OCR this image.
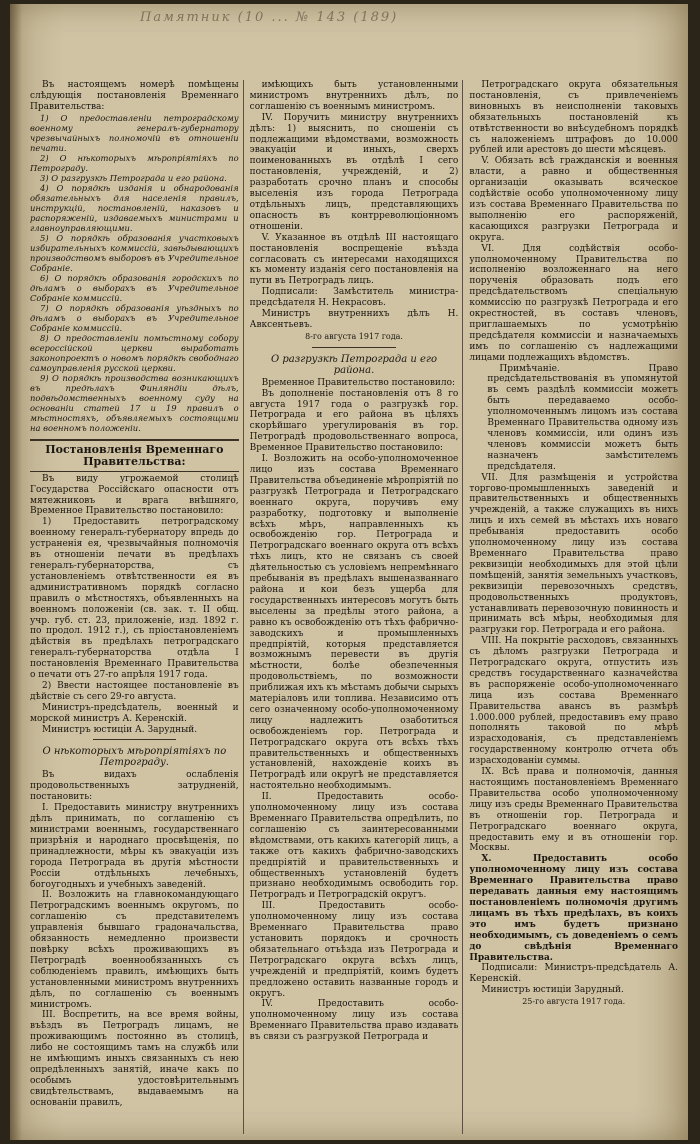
Памятник (10 ... № 143 (189)

Въ настоящемъ номерѣ помѣщены слѣдующія постановленія Временнаго Правительства:

1) О предоставленіи петроградскому военному генералъ-губернатору чрезвычайныхъ полномочій въ отношеніи печати.
2) О нѣкоторыхъ мѣропріятіяхъ по Петрограду.
3) О разгрузкѣ Петрограда и его района.
4) О порядкѣ изданія и обнародованія обязательныхъ для населенія правилъ, инструкцій, постановленій, наказовъ и распоряженій, издаваемыхъ министрами и главноуправляющими.
5) О порядкѣ образованія участковыхъ избирательныхъ коммиссій, завѣдывающихъ производствомъ выборовъ въ Учредительное Собраніе.
6) О порядкѣ образованія городскихъ по дѣламъ о выборахъ въ Учредительное Собраніе коммиссій.
7) О порядкѣ образованія уѣздныхъ по дѣламъ о выборахъ въ Учредительное Собраніе коммиссій.
8) О предоставленіи помѣстному собору всероссійской церкви выработать законопроектъ о новомъ порядкѣ свободнаго самоуправленія русской церкви.
9) О порядкѣ производства возникающихъ въ предѣлахъ Финляндіи дѣлъ, подвѣдомственныхъ военному суду на основаніи статей 17 и 19 правилъ о мѣстностяхъ, объявляемыхъ состоящими на военномъ положеніи.
Постановленія Временнаго Правительства:

Въ виду угрожаемой столицѣ Государства Россійскаго опасности отъ мятежниковъ и врага внѣшняго, Временное Правительство постановило:

1) Предоставить петроградскому военному генералъ-губернатору впредь до устраненія ея, чрезвычайныя полномочія въ отношеніи печати въ предѣлахъ генералъ-губернаторства, съ установленіемъ отвѣтственности ея въ административномъ порядкѣ согласно правилъ о мѣстностяхъ, объявленныхъ на военномъ положеніи (св. зак. т. II общ. учр. губ. ст. 23, приложеніе, изд. 1892 г. по продол. 1912 г.), съ пріостановленіемъ дѣйствія въ предѣлахъ петроградскаго генералъ-губернаторства отдѣла I постановленія Временнаго Правительства о печати отъ 27-го апрѣля 1917 года.

2) Ввести настоящее постановленіе въ дѣйствіе съ сего 29-го августа.

Министръ-предсѣдатель, военный и морской министръ А. Керенскій.

Министръ юстиціи А. Зарудный.

О нѣкоторыхъ мѣропріятіяхъ по Петрограду.

Въ видахъ ослабленія продовольственныхъ затрудненій, постановить:

I. Предоставить министру внутреннихъ дѣлъ принимать, по соглашенію съ министрами военнымъ, государственнаго призрѣнія и народнаго просвѣщенія, по принадлежности, мѣры къ эвакуаціи изъ города Петрограда въ другія мѣстности Россіи отдѣльныхъ лечебныхъ, богоугодныхъ и учебныхъ заведеній.

II. Возложить на главнокомандующаго Петроградскимъ военнымъ округомъ, по соглашенію съ представителемъ управленія бывшаго градоначальства, обязанность немедленно произвести повѣрку всѣхъ проживающихъ въ Петроградѣ военнообязанныхъ съ соблюденіемъ правилъ, имѣющихъ быть установленными министромъ внутреннихъ дѣлъ, по соглашенію съ военнымъ министромъ.

III. Воспретить, на все время войны, въѣздъ въ Петроградъ лицамъ, не проживающимъ постоянно въ столицѣ, либо не состоящимъ тамъ на службѣ или не имѣющимъ иныхъ связанныхъ съ нею опредѣленныхъ занятій, иначе какъ по особымъ удостовѣрительнымъ свидѣтельствамъ, выдаваемымъ на основаніи правилъ,

имѣющихъ быть установленными министромъ внутреннихъ дѣлъ, по соглашенію съ военнымъ министромъ.

IV. Поручить министру внутреннихъ дѣлъ: 1) выяснить, по сношеніи съ подлежащими вѣдомствами, возможность эвакуаціи и иныхъ, сверхъ поименованныхъ въ отдѣлѣ I сего постановленія, учрежденій, и 2) разработать срочно планъ и способы выселенія изъ города Петрограда отдѣльныхъ лицъ, представляющихъ опасность въ контрреволюціонномъ отношеніи.

V. Указанное въ отдѣлѣ III настоящаго постановленія воспрещеніе въѣзда согласовать съ интересами находящихся къ моменту изданія сего постановленія на пути въ Петроградъ лицъ.

Подписали: Замѣститель министра-предсѣдателя Н. Некрасовъ.

Министръ внутреннихъ дѣлъ Н. Авксентьевъ.

8-го августа 1917 года.
О разгрузкѣ Петрограда и его района.

Временное Правительство постановило:

Въ дополненіе постановленія отъ 8 го августа 1917 года о разгрузкѣ гор. Петрограда и его района въ цѣляхъ скорѣйшаго урегулированія въ гор. Петроградѣ продовольственнаго вопроса, Временное Правительство постановило:

I. Возложить на особо-уполномоченное лицо изъ состава Временнаго Правительства объединеніе мѣропріятій по разгрузкѣ Петрограда и Петроградскаго военнаго округа, поручивъ ему разработку, подготовку и выполненіе всѣхъ мѣръ, направленныхъ къ освобожденію гор. Петрограда и Петроградскаго военнаго округа отъ всѣхъ тѣхъ лицъ, кто не связанъ съ своей дѣятельностью съ условіемъ непремѣннаго пребыванія въ предѣлахъ вышеназваннаго района и кои безъ ущерба для государственныхъ интересовъ могутъ быть выселены за предѣлы этого района, а равно къ освобожденію отъ тѣхъ фабрично-заводскихъ и промышленныхъ предпріятій, которыя представляется возможнымъ перевести въ другія мѣстности, болѣе обезпеченныя продовольствіемъ, по возможности приближая ихъ къ мѣстамъ добычи сырыхъ матеріаловъ или топлива. Независимо отъ сего означенному особо-уполномоченному лицу надлежитъ озаботиться освобожденіемъ гор. Петрограда и Петроградскаго округа отъ всѣхъ тѣхъ правительственныхъ и общественныхъ установленій, нахожденіе коихъ въ Петроградѣ или округѣ не представляется настоятельно необходимымъ.

II. Предоставить особо-уполномоченному лицу изъ состава Временнаго Правительства опредѣлить, по соглашенію съ заинтересованными вѣдомствами, отъ какихъ категорій лицъ, а также отъ какихъ фабрично-заводскихъ предпріятій и правительственныхъ и общественныхъ установленій будетъ признано необходимымъ освободить гор. Петроградъ и Петроградскій округъ.

III. Предоставить особо-уполномоченному лицу изъ состава Временнаго Правительства право установить порядокъ и срочность обязательнаго отъѣзда изъ Петрограда и Петроградскаго округа всѣхъ лицъ, учрежденій и предпріятій, коимъ будетъ предложено оставить названные городъ и округъ.

IV. Предоставить особо-уполномоченному лицу изъ состава Временнаго Правительства право издавать въ связи съ разгрузкой Петрограда и

Петроградскаго округа обязательныя постановленія, съ привлеченіемъ виновныхъ въ неисполненіи таковыхъ обязательныхъ постановленій къ отвѣтственности во внѣсудебномъ порядкѣ съ наложеніемъ штрафовъ до 10.000 рублей или арестовъ до шести мѣсяцевъ.

V. Обязать всѣ гражданскія и военныя власти, а равно и общественныя организаціи оказывать всяческое содѣйствіе особо уполномоченному лицу изъ состава Временнаго Правительства по выполненію его распоряженій, касающихся разгрузки Петрограда и округа.

VI. Для содѣйствія особо-уполномоченному Правительства по исполненію возложеннаго на него порученія образовать подъ его предсѣдательствомъ спеціальную коммиссію по разгрузкѣ Петрограда и его окрестностей, въ составъ членовъ, приглашаемыхъ по усмотрѣнію предсѣдателя коммиссіи и назначаемыхъ имъ по соглашенію съ надлежащими лицами подлежащихъ вѣдомствъ.

Примѣчаніе. Право предсѣдательствованія въ упомянутой въ семъ раздѣлѣ коммиссіи можетъ быть передаваемо особо-уполномоченнымъ лицомъ изъ состава Временнаго Правительства одному изъ членовъ коммиссіи, или одинъ изъ членовъ коммиссіи можетъ быть назначенъ замѣстителемъ предсѣдателя.

VII. Для размѣщенія и устройства торгово-промышленныхъ заведеній и правительственныхъ и общественныхъ учрежденій, а также служащихъ въ нихъ лицъ и ихъ семей въ мѣстахъ ихъ новаго пребыванія предоставить особо уполномоченному лицу изъ состава Временнаго Правительства право реквизиціи необходимыхъ для этой цѣли помѣщеній, занятія земельныхъ участковъ, реквизиціи перевозочныхъ средствъ, продовольственныхъ продуктовъ, устанавливать перевозочную повинность и принимать всѣ мѣры, необходимыя для разгрузки гор. Петрограда и его района.

VIII. На покрытіе расходовъ, связанныхъ съ дѣломъ разгрузки Петрограда и Петроградскаго округа, отпустить изъ средствъ государственнаго казначейства въ распоряженіе особо-уполномоченнаго лица изъ состава Временнаго Правительства авансъ въ размѣрѣ 1.000.000 рублей, предоставивъ ему право пополнять таковой по мѣрѣ израсходованія, съ представленіемъ государственному контролю отчета объ израсходованіи суммы.

IX. Всѣ права и полномочія, данныя настоящимъ постановленіемъ Временнаго Правительства особо уполномоченному лицу изъ среды Временнаго Правительства въ отношеніи гор. Петрограда и Петроградскаго военнаго округа, предоставить ему и въ отношеніи гор. Москвы.

X. Предоставить особо уполномоченному лицу изъ состава Временнаго Правительства право передавать данныя ему настоящимъ постановленіемъ полномочія другимъ лицамъ въ тѣхъ предѣлахъ, въ коихъ это имъ будетъ признано необходимымъ, съ доведеніемъ о семъ до свѣдѣнія Временнаго Правительства.

Подписали: Министръ-предсѣдатель А. Керенскій.

Министръ юстиціи Зарудный.

25-го августа 1917 года.
